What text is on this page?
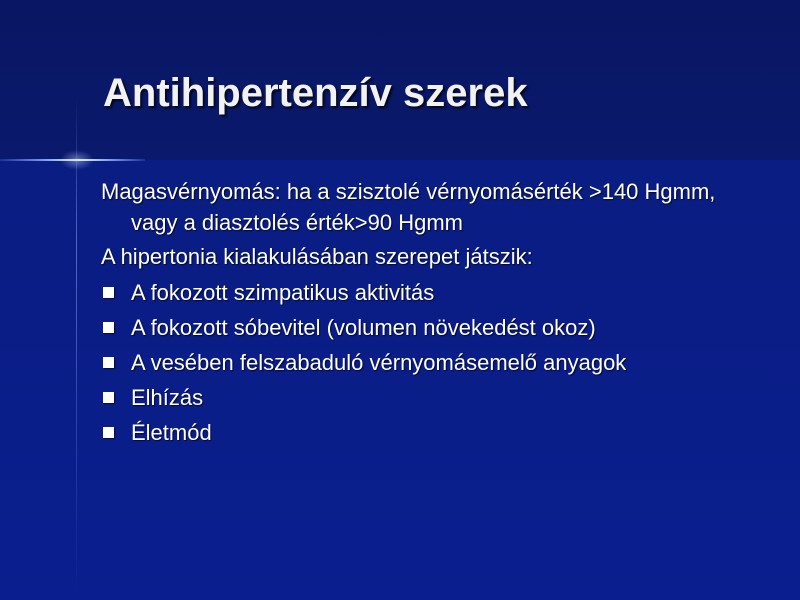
Antihipertenzív szerek

Magasvérnyomás: ha a szisztolé vérnyomásérték >140 Hgmm,
vagy a diasztolés érték>90 Hgmm

A hipertonia kialakulásában szerepet játszik:

A fokozott szimpatikus aktivitás
A fokozott sóbevitel (volumen növekedést okoz)
A vesében felszabaduló vérnyomásemelő anyagok
Elhízás
Életmód
